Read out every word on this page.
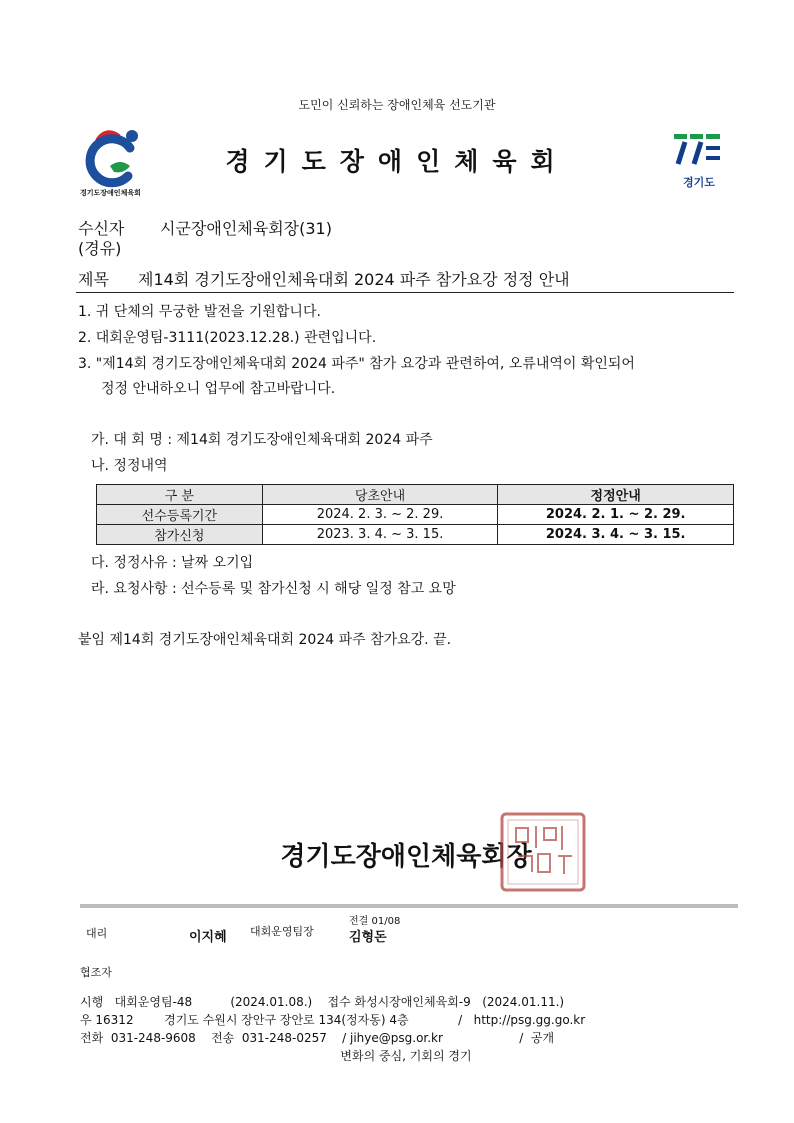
도민이 신뢰하는 장애인체육 선도기관
경기도장애인체육회
경기도장애인체육회
경기도
수신자 시군장애인체육회장(31)
(경유)
제목 제14회 경기도장애인체육대회 2024 파주 참가요강 정정 안내
1. 귀 단체의 무궁한 발전을 기원합니다.
2. 대회운영팀-3111(2023.12.28.) 관련입니다.
3. "제14회 경기도장애인체육대회 2024 파주" 참가 요강과 관련하여, 오류내역이 확인되어
정정 안내하오니 업무에 참고바랍니다.
가. 대 회 명 : 제14회 경기도장애인체육대회 2024 파주
나. 정정내역
구 분	당초안내	정정안내
선수등록기간	2024. 2. 3. ~ 2. 29.	2024. 2. 1. ~ 2. 29.
참가신청	2023. 3. 4. ~ 3. 15.	2024. 3. 4. ~ 3. 15.
다. 정정사유 : 날짜 오기입
라. 요청사항 : 선수등록 및 참가신청 시 해당 일정 참고 요망
붙임 제14회 경기도장애인체육대회 2024 파주 참가요강. 끝.
경기도장애인체육회장
대리	이지혜 대회운영팀장
전결 01/08
김형돈
협조자
시행   대회운영팀-48          (2024.01.08.)    접수 화성시장애인체육회-9   (2024.01.11.)
우 16312        경기도 수원시 장안구 장안로 134(정자동) 4층             /   http://psg.gg.go.kr
전화  031-248-9608    전송  031-248-0257    / jihye@psg.or.kr                    /  공개
변화의 중심, 기회의 경기
